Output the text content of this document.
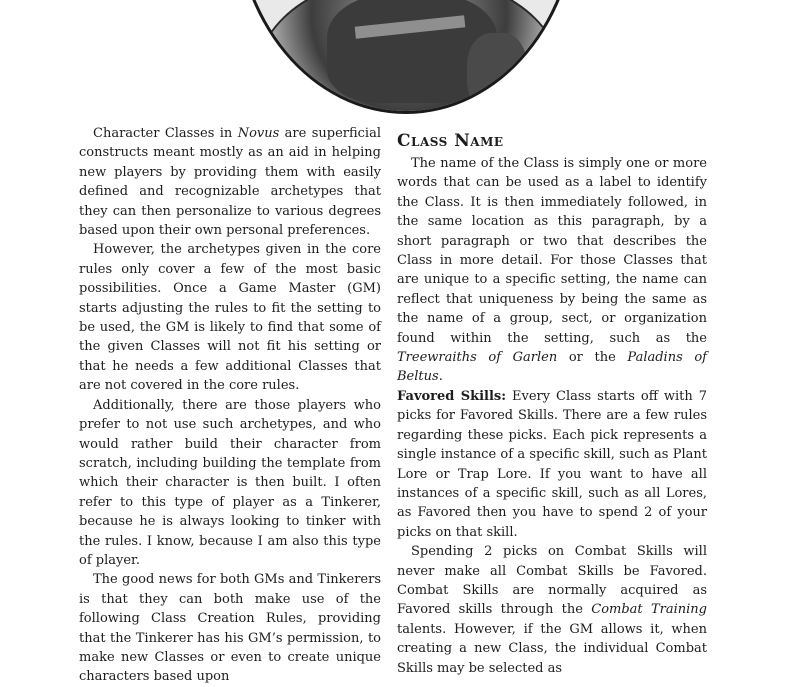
Character Classes in Novus are superficial constructs meant mostly as an aid in helping new players by providing them with easily defined and recognizable archetypes that they can then personalize to various degrees based upon their own personal preferences.

However, the archetypes given in the core rules only cover a few of the most basic possibilities. Once a Game Master (GM) starts adjusting the rules to fit the setting to be used, the GM is likely to find that some of the given Classes will not fit his setting or that he needs a few additional Classes that are not covered in the core rules.

Additionally, there are those players who prefer to not use such archetypes, and who would rather build their character from scratch, including building the template from which their character is then built. I often refer to this type of player as a Tinkerer, because he is always looking to tinker with the rules. I know, because I am also this type of player.

The good news for both GMs and Tinkerers is that they can both make use of the following Class Creation Rules, providing that the Tinkerer has his GM’s permission, to make new Classes or even to create unique characters based upon

Class Name

The name of the Class is simply one or more words that can be used as a label to identify the Class. It is then immediately followed, in the same location as this paragraph, by a short paragraph or two that describes the Class in more detail. For those Classes that are unique to a specific setting, the name can reflect that uniqueness by being the same as the name of a group, sect, or organization found within the setting, such as the Treewraiths of Garlen or the Paladins of Beltus.

Favored Skills: Every Class starts off with 7 picks for Favored Skills. There are a few rules regarding these picks. Each pick represents a single instance of a specific skill, such as Plant Lore or Trap Lore. If you want to have all instances of a specific skill, such as all Lores, as Favored then you have to spend 2 of your picks on that skill.

Spending 2 picks on Combat Skills will never make all Combat Skills be Favored. Combat Skills are normally acquired as Favored skills through the Combat Training talents. However, if the GM allows it, when creating a new Class, the individual Combat Skills may be selected as
